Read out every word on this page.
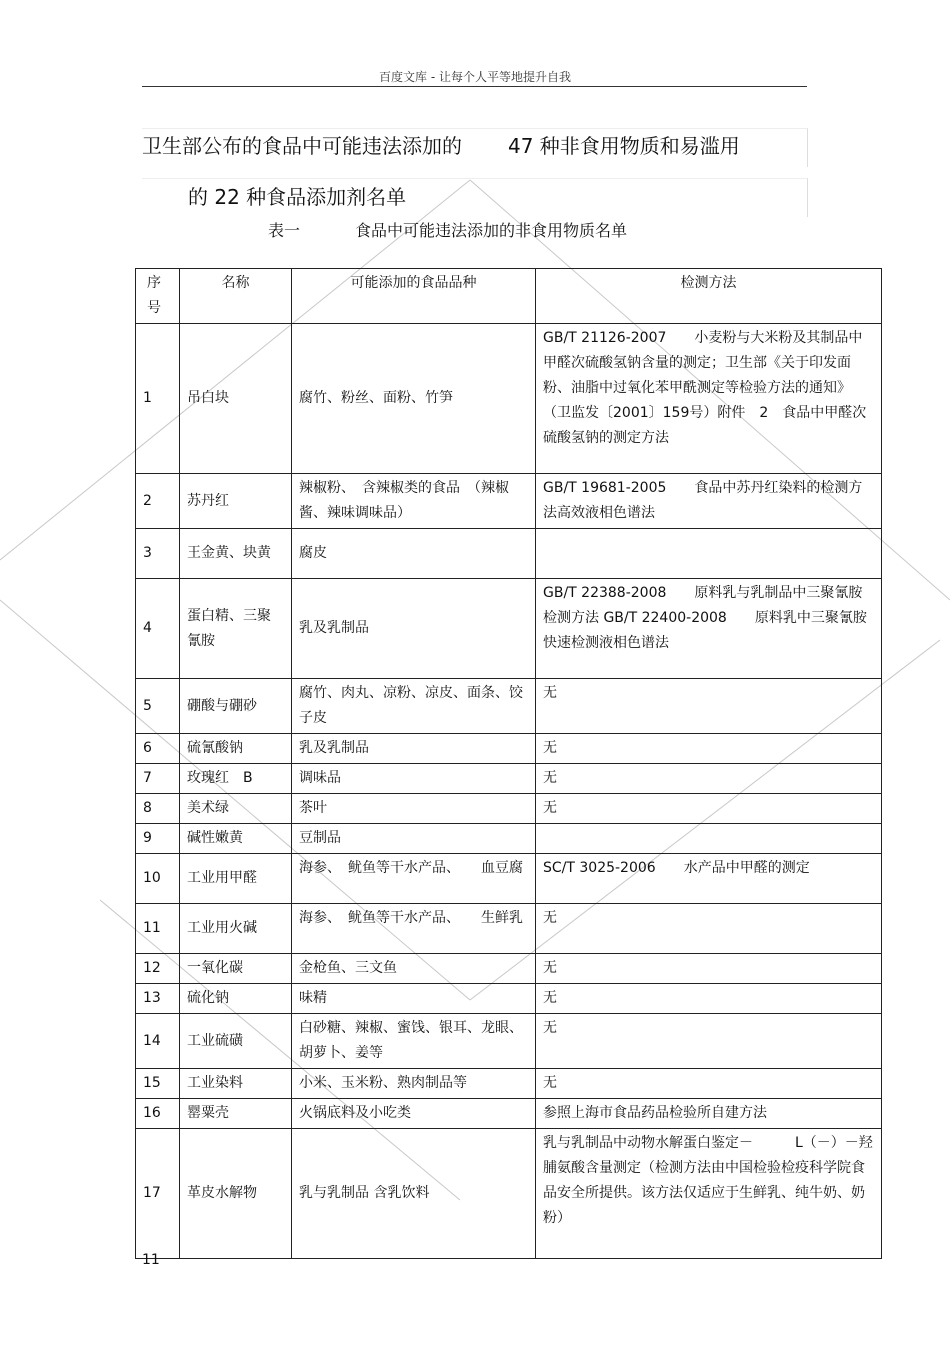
百度文库 - 让每个人平等地提升自我
卫生部公布的食品中可能违法添加的 47 种非食用物质和易滥用
的 22 种食品添加剂名单
表一	食品中可能违法添加的非食用物质名单
序号	名称	可能添加的食品品种	检测方法
1	吊白块	腐竹、粉丝、面粉、竹笋	GB/T 21126-2007　　小麦粉与大米粉及其制品中甲醛次硫酸氢钠含量的测定；卫生部《关于印发面粉、油脂中过氧化苯甲酰测定等检验方法的通知》　（卫监发〔2001〕159号）附件　2　食品中甲醛次硫酸氢钠的测定方法
2	苏丹红	辣椒粉、　含辣椒类的食品　（辣椒酱、辣味调味品）	GB/T 19681-2005　　食品中苏丹红染料的检测方法高效液相色谱法
3	王金黄、块黄	腐皮	
4	蛋白精、三聚氰胺	乳及乳制品	GB/T 22388-2008　　原料乳与乳制品中三聚氰胺检测方法 GB/T 22400-2008　　原料乳中三聚氰胺快速检测液相色谱法
5	硼酸与硼砂	腐竹、肉丸、凉粉、凉皮、面条、饺子皮	无
6	硫氰酸钠	乳及乳制品	无
7	玫瑰红　B	调味品	无
8	美术绿	茶叶	无
9	碱性嫩黄	豆制品	
10	工业用甲醛	海参、　鱿鱼等干水产品、　　血豆腐	SC/T 3025-2006　　水产品中甲醛的测定
11	工业用火碱	海参、　鱿鱼等干水产品、　　生鲜乳	无
12	一氧化碳	金枪鱼、三文鱼	无
13	硫化钠	味精	无
14	工业硫磺	白砂糖、辣椒、蜜饯、银耳、龙眼、胡萝卜、姜等	无
15	工业染料	小米、玉米粉、熟肉制品等	无
16	罂粟壳	火锅底料及小吃类	参照上海市食品药品检验所自建方法
17	革皮水解物	乳与乳制品 含乳饮料	乳与乳制品中动物水解蛋白鉴定－　　　L（－）－羟脯氨酸含量测定（检测方法由中国检验检疫科学院食品安全所提供。该方法仅适应于生鲜乳、纯牛奶、奶粉）
11
